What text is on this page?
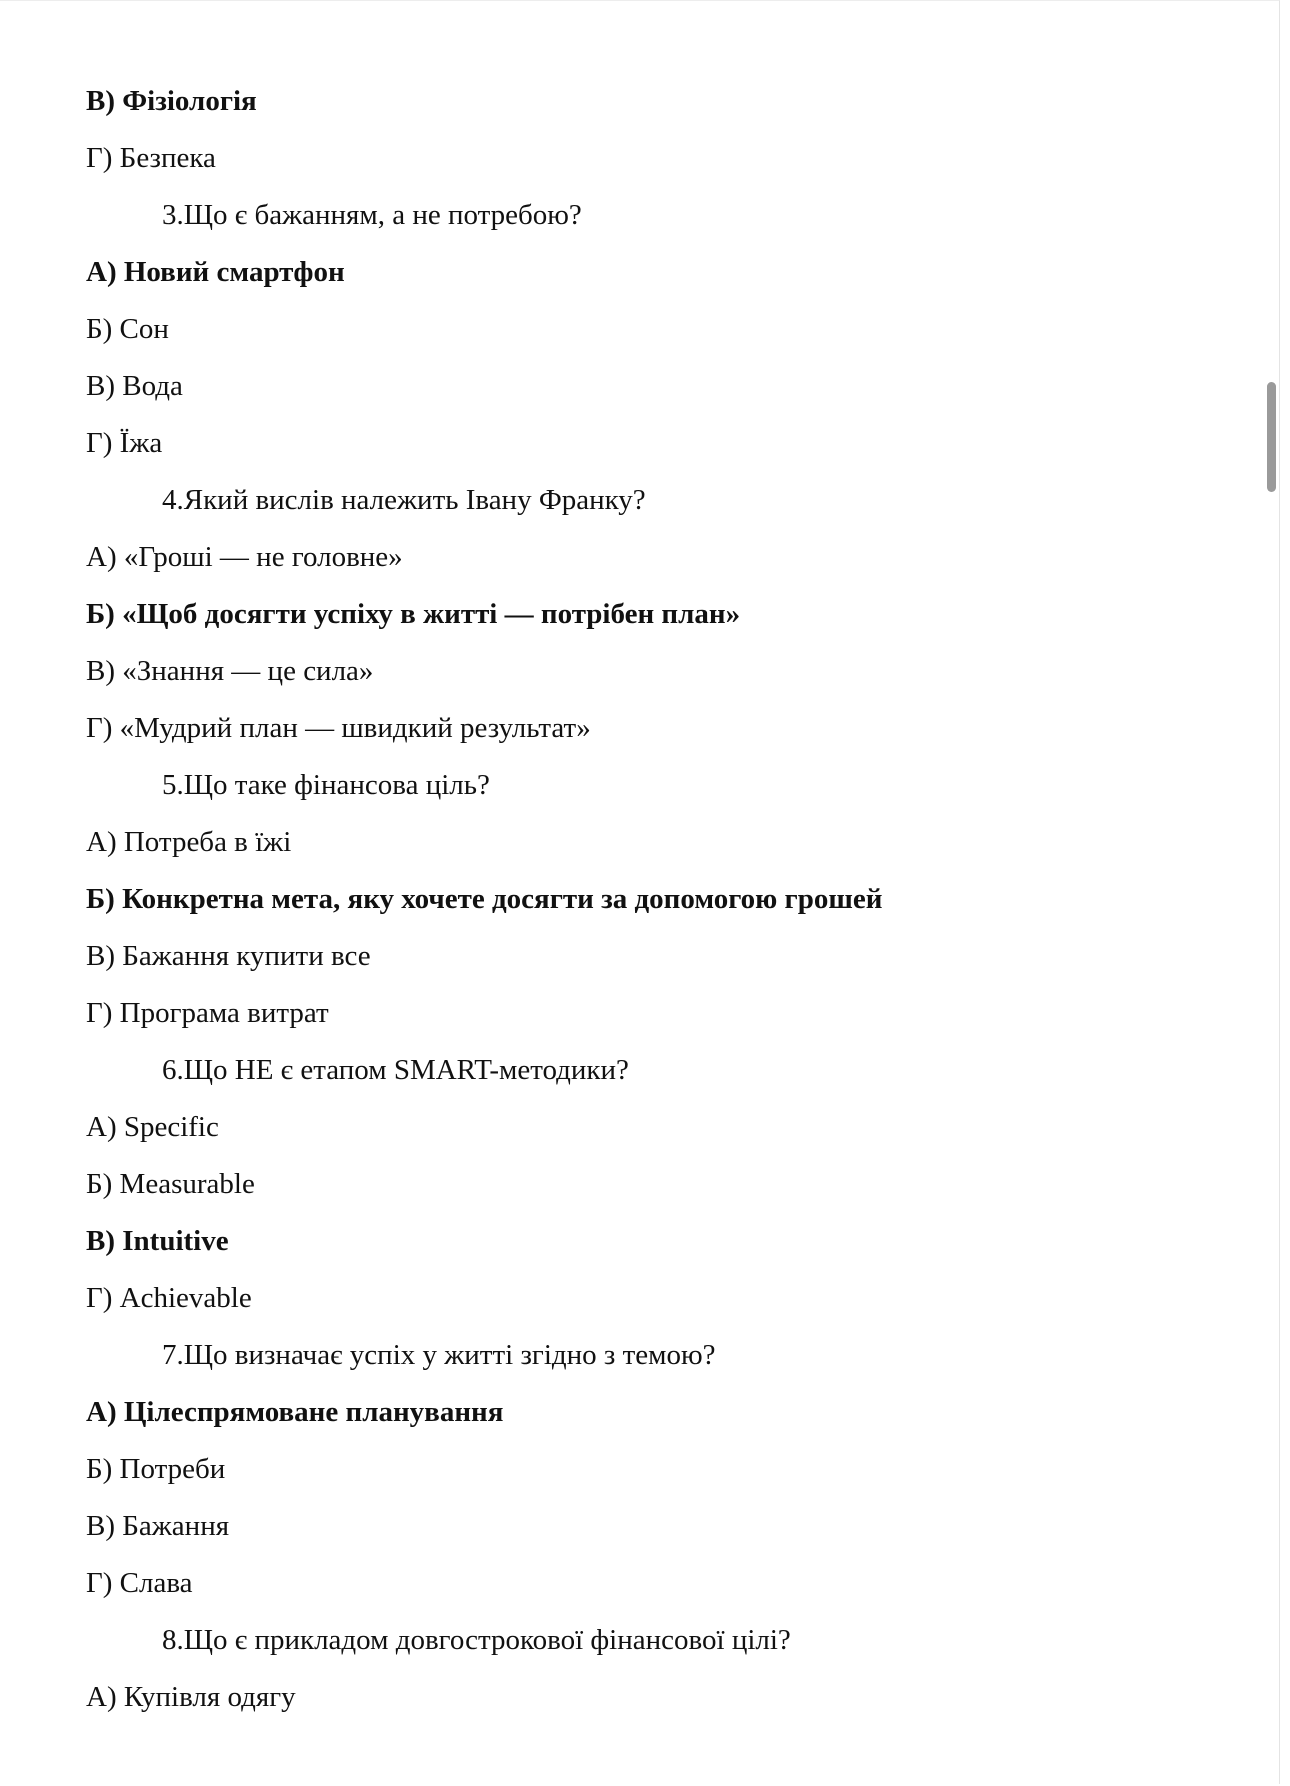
В) Фізіологія
Г) Безпека
3.Що є бажанням, а не потребою?
А) Новий смартфон
Б) Сон
В) Вода
Г) Їжа
4.Який вислів належить Івану Франку?
А) «Гроші — не головне»
Б) «Щоб досягти успіху в житті — потрібен план»
В) «Знання — це сила»
Г) «Мудрий план — швидкий результат»
5.Що таке фінансова ціль?
А) Потреба в їжі
Б) Конкретна мета, яку хочете досягти за допомогою грошей
В) Бажання купити все
Г) Програма витрат
6.Що НЕ є етапом SMART-методики?
А) Specific
Б) Measurable
В) Intuitive
Г) Achievable
7.Що визначає успіх у житті згідно з темою?
А) Цілеспрямоване планування
Б) Потреби
В) Бажання
Г) Слава
8.Що є прикладом довгострокової фінансової цілі?
А) Купівля одягу
